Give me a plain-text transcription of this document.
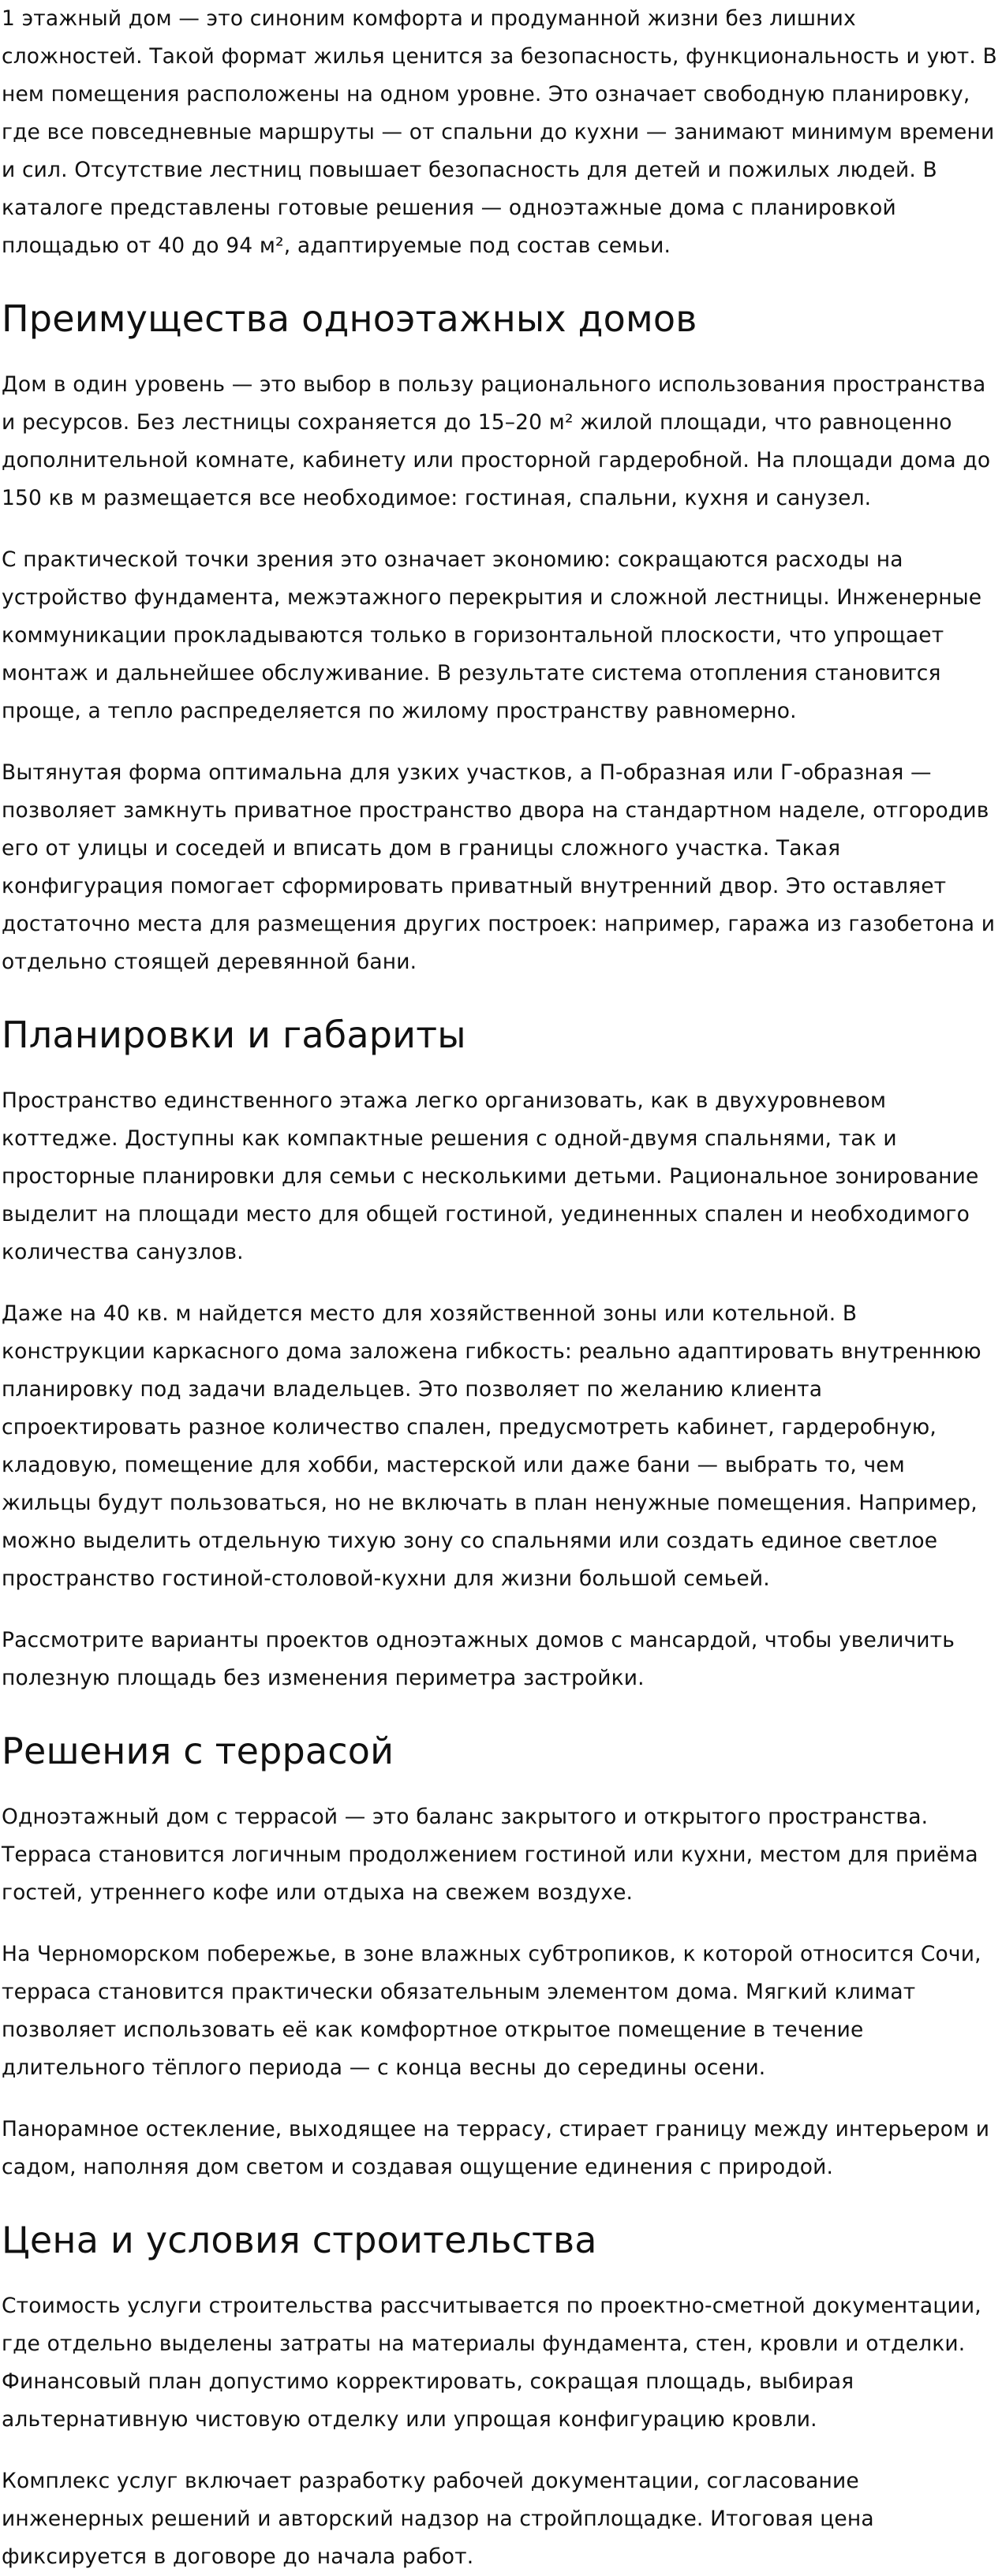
1 этажный дом — это синоним комфорта и продуманной жизни без лишних сложностей. Такой формат жилья ценится за безопасность, функциональность и уют. В нем помещения расположены на одном уровне. Это означает свободную планировку, где все повседневные маршруты — от спальни до кухни — занимают минимум времени и сил. Отсутствие лестниц повышает безопасность для детей и пожилых людей. В каталоге представлены готовые решения — одноэтажные дома с планировкой площадью от 40 до 94 м², адаптируемые под состав семьи.

Преимущества одноэтажных домов

Дом в один уровень — это выбор в пользу рационального использования пространства и ресурсов. Без лестницы сохраняется до 15–20 м² жилой площади, что равноценно дополнительной комнате, кабинету или просторной гардеробной. На площади дома до 150 кв м размещается все необходимое: гостиная, спальни, кухня и санузел.

С практической точки зрения это означает экономию: сокращаются расходы на устройство фундамента, межэтажного перекрытия и сложной лестницы. Инженерные коммуникации прокладываются только в горизонтальной плоскости, что упрощает монтаж и дальнейшее обслуживание. В результате система отопления становится проще, а тепло распределяется по жилому пространству равномерно.

Вытянутая форма оптимальна для узких участков, а П-образная или Г-образная — позволяет замкнуть приватное пространство двора на стандартном наделе, отгородив его от улицы и соседей и вписать дом в границы сложного участка. Такая конфигурация помогает сформировать приватный внутренний двор. Это оставляет достаточно места для размещения других построек: например, гаража из газобетона и отдельно стоящей деревянной бани.

Планировки и габариты

Пространство единственного этажа легко организовать, как в двухуровневом коттедже. Доступны как компактные решения с одной-двумя спальнями, так и просторные планировки для семьи с несколькими детьми. Рациональное зонирование выделит на площади место для общей гостиной, уединенных спален и необходимого количества санузлов.

Даже на 40 кв. м найдется место для хозяйственной зоны или котельной. В конструкции каркасного дома заложена гибкость: реально адаптировать внутреннюю планировку под задачи владельцев. Это позволяет по желанию клиента спроектировать разное количество спален, предусмотреть кабинет, гардеробную, кладовую, помещение для хобби, мастерской или даже бани — выбрать то, чем жильцы будут пользоваться, но не включать в план ненужные помещения. Например, можно выделить отдельную тихую зону со спальнями или создать единое светлое пространство гостиной-столовой-кухни для жизни большой семьей.

Рассмотрите варианты проектов одноэтажных домов с мансардой, чтобы увеличить полезную площадь без изменения периметра застройки.

Решения с террасой

Одноэтажный дом с террасой — это баланс закрытого и открытого пространства. Терраса становится логичным продолжением гостиной или кухни, местом для приёма гостей, утреннего кофе или отдыха на свежем воздухе.

На Черноморском побережье, в зоне влажных субтропиков, к которой относится Сочи, терраса становится практически обязательным элементом дома. Мягкий климат позволяет использовать её как комфортное открытое помещение в течение длительного тёплого периода — с конца весны до середины осени.

Панорамное остекление, выходящее на террасу, стирает границу между интерьером и садом, наполняя дом светом и создавая ощущение единения с природой.

Цена и условия строительства

Стоимость услуги строительства рассчитывается по проектно-сметной документации, где отдельно выделены затраты на материалы фундамента, стен, кровли и отделки. Финансовый план допустимо корректировать, сокращая площадь, выбирая альтернативную чистовую отделку или упрощая конфигурацию кровли.

Комплекс услуг включает разработку рабочей документации, согласование инженерных решений и авторский надзор на стройплощадке. Итоговая цена фиксируется в договоре до начала работ.
